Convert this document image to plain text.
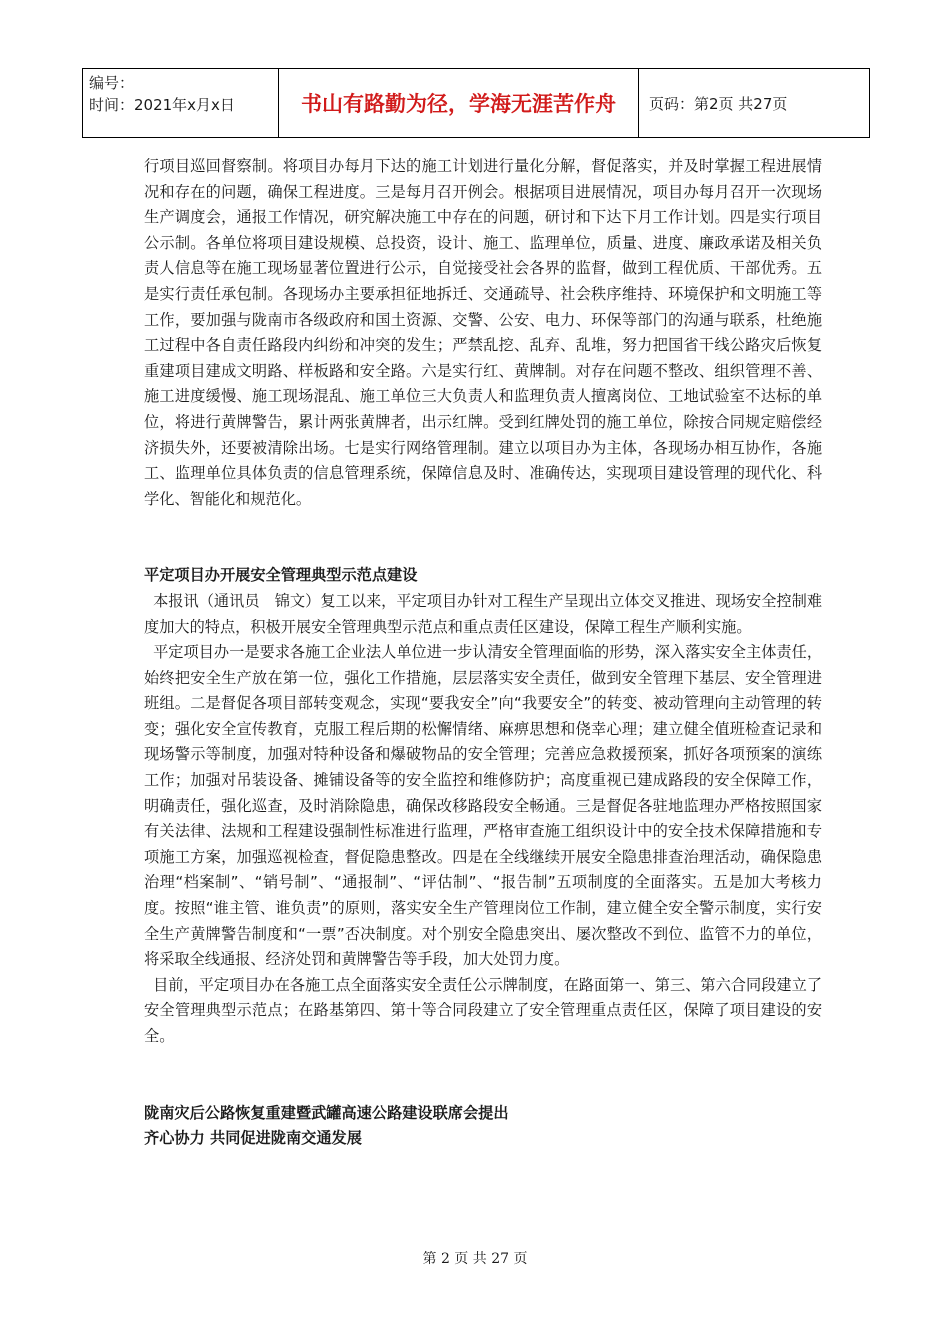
编号：
时间：2021年x月x日	书山有路勤为径，学海无涯苦作舟	页码：第2页 共27页

行项目巡回督察制。将项目办每月下达的施工计划进行量化分解，督促落实，并及时掌握工程进展情况和存在的问题，确保工程进度。三是每月召开例会。根据项目进展情况，项目办每月召开一次现场生产调度会，通报工作情况，研究解决施工中存在的问题，研讨和下达下月工作计划。四是实行项目公示制。各单位将项目建设规模、总投资，设计、施工、监理单位，质量、进度、廉政承诺及相关负责人信息等在施工现场显著位置进行公示，自觉接受社会各界的监督，做到工程优质、干部优秀。五是实行责任承包制。各现场办主要承担征地拆迁、交通疏导、社会秩序维持、环境保护和文明施工等工作，要加强与陇南市各级政府和国土资源、交警、公安、电力、环保等部门的沟通与联系，杜绝施工过程中各自责任路段内纠纷和冲突的发生；严禁乱挖、乱弃、乱堆，努力把国省干线公路灾后恢复重建项目建成文明路、样板路和安全路。六是实行红、黄牌制。对存在问题不整改、组织管理不善、施工进度缓慢、施工现场混乱、施工单位三大负责人和监理负责人擅离岗位、工地试验室不达标的单位，将进行黄牌警告，累计两张黄牌者，出示红牌。受到红牌处罚的施工单位，除按合同规定赔偿经济损失外，还要被清除出场。七是实行网络管理制。建立以项目办为主体，各现场办相互协作，各施工、监理单位具体负责的信息管理系统，保障信息及时、准确传达，实现项目建设管理的现代化、科学化、智能化和规范化。

平定项目办开展安全管理典型示范点建设

本报讯（通讯员　锦文）复工以来，平定项目办针对工程生产呈现出立体交叉推进、现场安全控制难度加大的特点，积极开展安全管理典型示范点和重点责任区建设，保障工程生产顺利实施。

平定项目办一是要求各施工企业法人单位进一步认清安全管理面临的形势，深入落实安全主体责任，始终把安全生产放在第一位，强化工作措施，层层落实安全责任，做到安全管理下基层、安全管理进班组。二是督促各项目部转变观念，实现“要我安全”向“我要安全”的转变、被动管理向主动管理的转变；强化安全宣传教育，克服工程后期的松懈情绪、麻痹思想和侥幸心理；建立健全值班检查记录和现场警示等制度，加强对特种设备和爆破物品的安全管理；完善应急救援预案，抓好各项预案的演练工作；加强对吊装设备、摊铺设备等的安全监控和维修防护；高度重视已建成路段的安全保障工作，明确责任，强化巡查，及时消除隐患，确保改移路段安全畅通。三是督促各驻地监理办严格按照国家有关法律、法规和工程建设强制性标准进行监理，严格审查施工组织设计中的安全技术保障措施和专项施工方案，加强巡视检查，督促隐患整改。四是在全线继续开展安全隐患排查治理活动，确保隐患治理“档案制”、“销号制”、“通报制”、“评估制”、“报告制”五项制度的全面落实。五是加大考核力度。按照“谁主管、谁负责”的原则，落实安全生产管理岗位工作制，建立健全安全警示制度，实行安全生产黄牌警告制度和“一票”否决制度。对个别安全隐患突出、屡次整改不到位、监管不力的单位，将采取全线通报、经济处罚和黄牌警告等手段，加大处罚力度。

目前，平定项目办在各施工点全面落实安全责任公示牌制度，在路面第一、第三、第六合同段建立了安全管理典型示范点；在路基第四、第十等合同段建立了安全管理重点责任区，保障了项目建设的安全。

陇南灾后公路恢复重建暨武罐高速公路建设联席会提出

齐心协力 共同促进陇南交通发展

第 2 页 共 27 页
